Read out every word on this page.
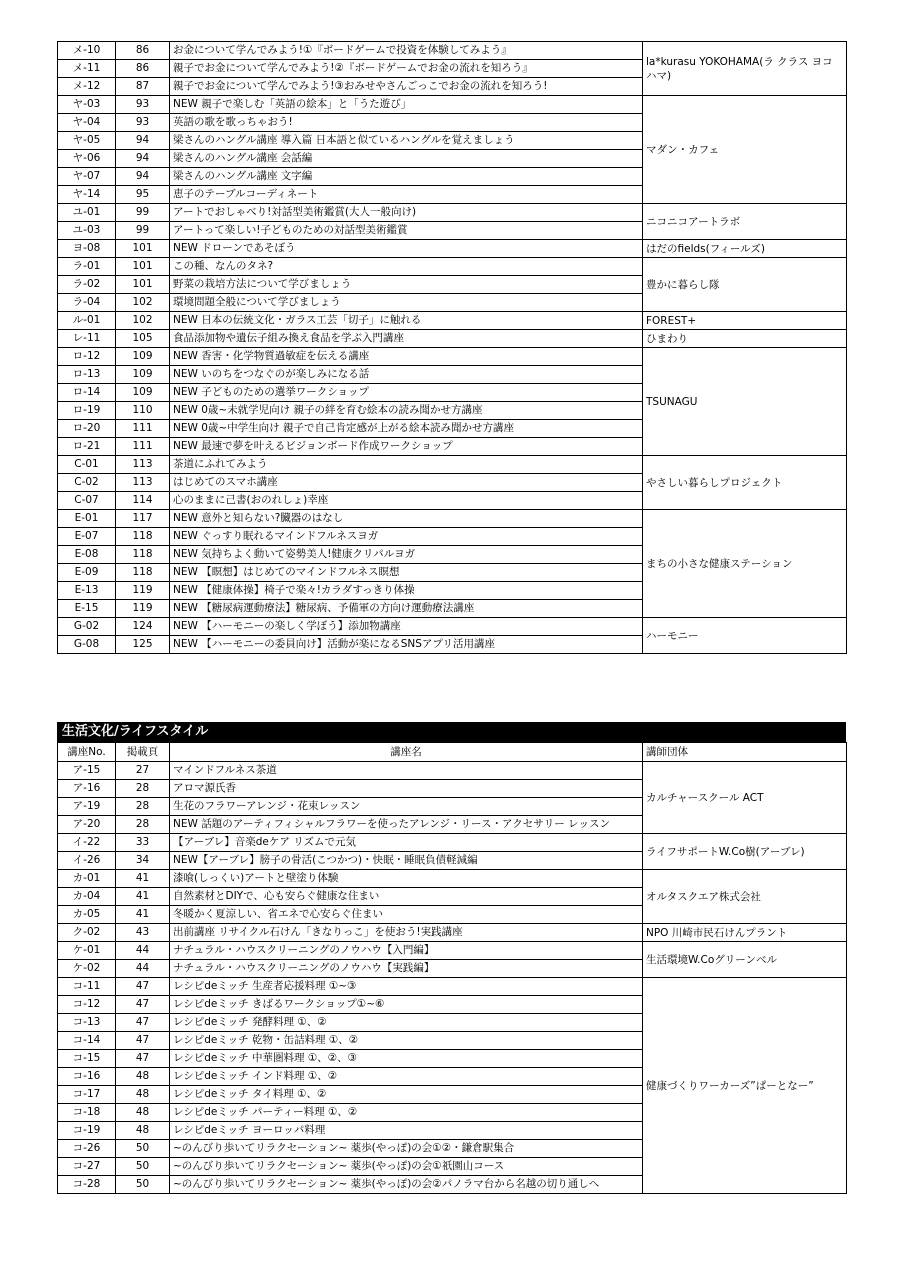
メ-10	86	お金について学んでみよう!①『ボードゲームで投資を体験してみよう』	la*kurasu YOKOHAMA(ラ クラス ヨコハマ)
メ-11	86	親子でお金について学んでみよう!②『ボードゲームでお金の流れを知ろう』	
メ-12	87	親子でお金について学んでみよう!③おみせやさんごっこでお金の流れを知ろう!	
ヤ-03	93	NEW 親子で楽しむ「英語の絵本」と「うた遊び」	マダン・カフェ
ヤ-04	93	英語の歌を歌っちゃおう!	
ヤ-05	94	梁さんのハングル講座 導入篇 日本語と似ているハングルを覚えましょう	
ヤ-06	94	梁さんのハングル講座 会話編	
ヤ-07	94	梁さんのハングル講座 文字編	
ヤ-14	95	恵子のテーブルコーディネート	
ユ-01	99	アートでおしゃべり!対話型美術鑑賞(大人一般向け)	ニコニコアートラボ
ユ-03	99	アートって楽しい!子どものための対話型美術鑑賞	
ヨ-08	101	NEW ドローンであそぼう	はだのfields(フィールズ)
ラ-01	101	この種、なんのタネ?	豊かに暮らし隊
ラ-02	101	野菜の栽培方法について学びましょう	
ラ-04	102	環境問題全般について学びましょう	
ル-01	102	NEW 日本の伝統文化・ガラス工芸「切子」に触れる	FOREST+
レ-11	105	食品添加物や遺伝子組み換え食品を学ぶ入門講座	ひまわり
ロ-12	109	NEW 香害・化学物質過敏症を伝える講座	TSUNAGU
ロ-13	109	NEW いのちをつなぐのが楽しみになる話	
ロ-14	109	NEW 子どものための選挙ワークショップ	
ロ-19	110	NEW 0歳~未就学児向け 親子の絆を育む絵本の読み聞かせ方講座	
ロ-20	111	NEW 0歳~中学生向け 親子で自己肯定感が上がる絵本読み聞かせ方講座	
ロ-21	111	NEW 最速で夢を叶えるビジョンボード作成ワークショップ	
C-01	113	茶道にふれてみよう	やさしい暮らしプロジェクト
C-02	113	はじめてのスマホ講座	
C-07	114	心のままに己書(おのれしょ)幸座	
E-01	117	NEW 意外と知らない?臓器のはなし	まちの小さな健康ステーション
E-07	118	NEW ぐっすり眠れるマインドフルネスヨガ	
E-08	118	NEW 気持ちよく動いて姿勢美人!健康クリパルヨガ	
E-09	118	NEW 【瞑想】はじめてのマインドフルネス瞑想	
E-13	119	NEW 【健康体操】椅子で楽々!カラダすっきり体操	
E-15	119	NEW 【糖尿病運動療法】糖尿病、予備軍の方向け運動療法講座	
G-02	124	NEW 【ハーモニーの楽しく学ぼう】添加物講座	ハーモニー
G-08	125	NEW 【ハーモニーの委員向け】活動が楽になるSNSアプリ活用講座	
生活文化/ライフスタイル
講座No.	掲載頁	講座名	講師団体
ア-15	27	マインドフルネス茶道	カルチャースクール ACT
ア-16	28	アロマ源氏香	
ア-19	28	生花のフラワーアレンジ・花束レッスン	
ア-20	28	NEW 話題のアーティフィシャルフラワーを使ったアレンジ・リース・アクセサリー レッスン	
イ-22	33	【アーブレ】音楽deケア リズムで元気	ライフサポートW.Co樹(アーブレ)
イ-26	34	NEW【アーブレ】膀子の骨活(こつかつ)・快眠・睡眠負債軽減編	
カ-01	41	漆喰(しっくい)アートと壁塗り体験	オルタスクエア株式会社
カ-04	41	自然素材とDIYで、心も安らぐ健康な住まい	
カ-05	41	冬暖かく夏涼しい、省エネで心安らぐ住まい	
ク-02	43	出前講座 リサイクル石けん「きなりっこ」を使おう!実践講座	NPO 川崎市民石けんプラント
ケ-01	44	ナチュラル・ハウスクリーニングのノウハウ【入門編】	生活環境W.Coグリーンベル
ケ-02	44	ナチュラル・ハウスクリーニングのノウハウ【実践編】	
コ-11	47	レシピdeミッチ 生産者応援料理 ①~③	健康づくりワーカーズ”ぱーとなー”
コ-12	47	レシピdeミッチ きばるワークショップ①~⑥	
コ-13	47	レシピdeミッチ 発酵料理 ①、②	
コ-14	47	レシピdeミッチ 乾物・缶詰料理 ①、②	
コ-15	47	レシピdeミッチ 中華圏料理 ①、②、③	
コ-16	48	レシピdeミッチ インド料理 ①、②	
コ-17	48	レシピdeミッチ タイ料理 ①、②	
コ-18	48	レシピdeミッチ パーティー料理 ①、②	
コ-19	48	レシピdeミッチ ヨーロッパ料理	
コ-26	50	~のんびり歩いてリラクセーション~ 薬歩(やっぽ)の会①②・鎌倉駅集合	
コ-27	50	~のんびり歩いてリラクセーション~ 薬歩(やっぽ)の会①祇園山コース	
コ-28	50	~のんびり歩いてリラクセーション~ 薬歩(やっぽ)の会②パノラマ台から名越の切り通しへ	
